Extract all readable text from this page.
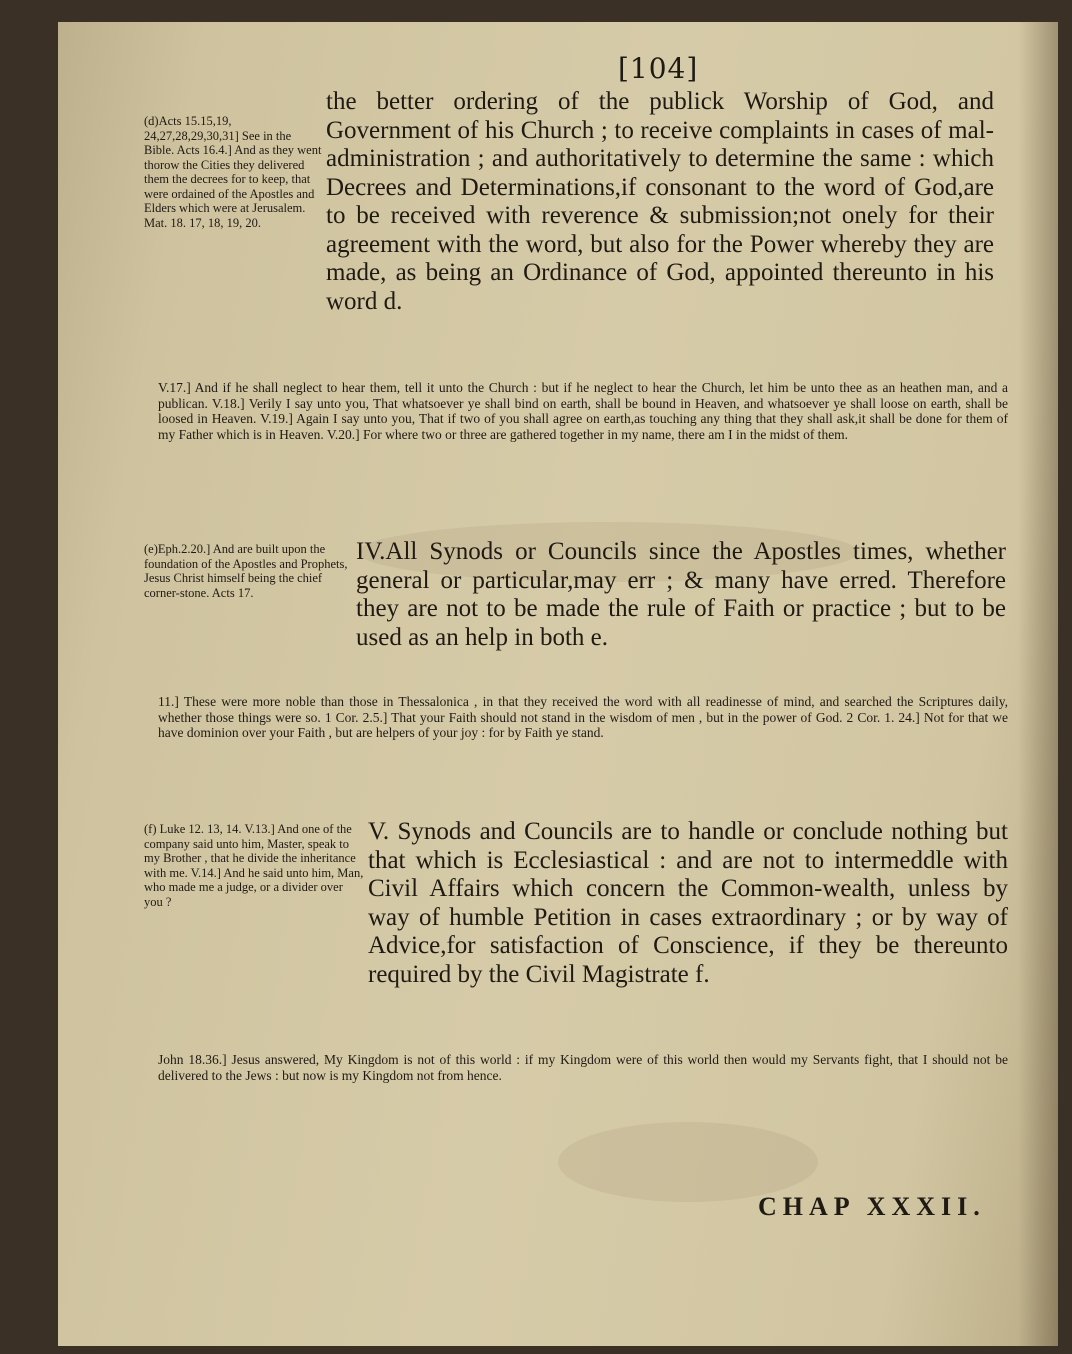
[104]
(d)Acts 15.15,19, 24,27,28,29,30,31] See in the Bible. Acts 16.4.] And as they went thorow the Cities they delivered them the decrees for to keep, that were ordained of the Apostles and Elders which were at Jerusalem. Mat. 18. 17, 18, 19, 20.
the better ordering of the publick Worship of God, and Government of his Church ; to receive complaints in cases of mal-administration ; and authoritatively to determine the same : which Decrees and Determinations,if consonant to the word of God,are to be received with reverence & submission;not onely for their agreement with the word, but also for the Power whereby they are made, as being an Ordinance of God, appointed thereunto in his word d.
V.17.] And if he shall neglect to hear them, tell it unto the Church : but if he neglect to hear the Church, let him be unto thee as an heathen man, and a publican. V.18.] Verily I say unto you, That whatsoever ye shall bind on earth, shall be bound in Heaven, and whatsoever ye shall loose on earth, shall be loosed in Heaven. V.19.] Again I say unto you, That if two of you shall agree on earth,as touching any thing that they shall ask,it shall be done for them of my Father which is in Heaven. V.20.] For where two or three are gathered together in my name, there am I in the midst of them.
(e)Eph.2.20.] And are built upon the foundation of the Apostles and Prophets, Jesus Christ himself being the chief corner-stone. Acts 17.
IV.All Synods or Councils since the Apostles times, whether general or particular,may err ; & many have erred. Therefore they are not to be made the rule of Faith or practice ; but to be used as an help in both e.
11.] These were more noble than those in Thessalonica , in that they received the word with all readinesse of mind, and searched the Scriptures daily, whether those things were so. 1 Cor. 2.5.] That your Faith should not stand in the wisdom of men , but in the power of God. 2 Cor. 1. 24.] Not for that we have dominion over your Faith , but are helpers of your joy : for by Faith ye stand.
(f) Luke 12. 13, 14. V.13.] And one of the company said unto him, Master, speak to my Brother , that he divide the inheritance with me. V.14.] And he said unto him, Man, who made me a judge, or a divider over you ?
V. Synods and Councils are to handle or conclude nothing but that which is Ecclesiastical : and are not to intermeddle with Civil Affairs which concern the Common-wealth, unless by way of humble Petition in cases extraordinary ; or by way of Advice,for satisfaction of Conscience, if they be thereunto required by the Civil Magistrate f.
John 18.36.] Jesus answered, My Kingdom is not of this world : if my Kingdom were of this world then would my Servants fight, that I should not be delivered to the Jews : but now is my Kingdom not from hence.
CHAP XXXII.
